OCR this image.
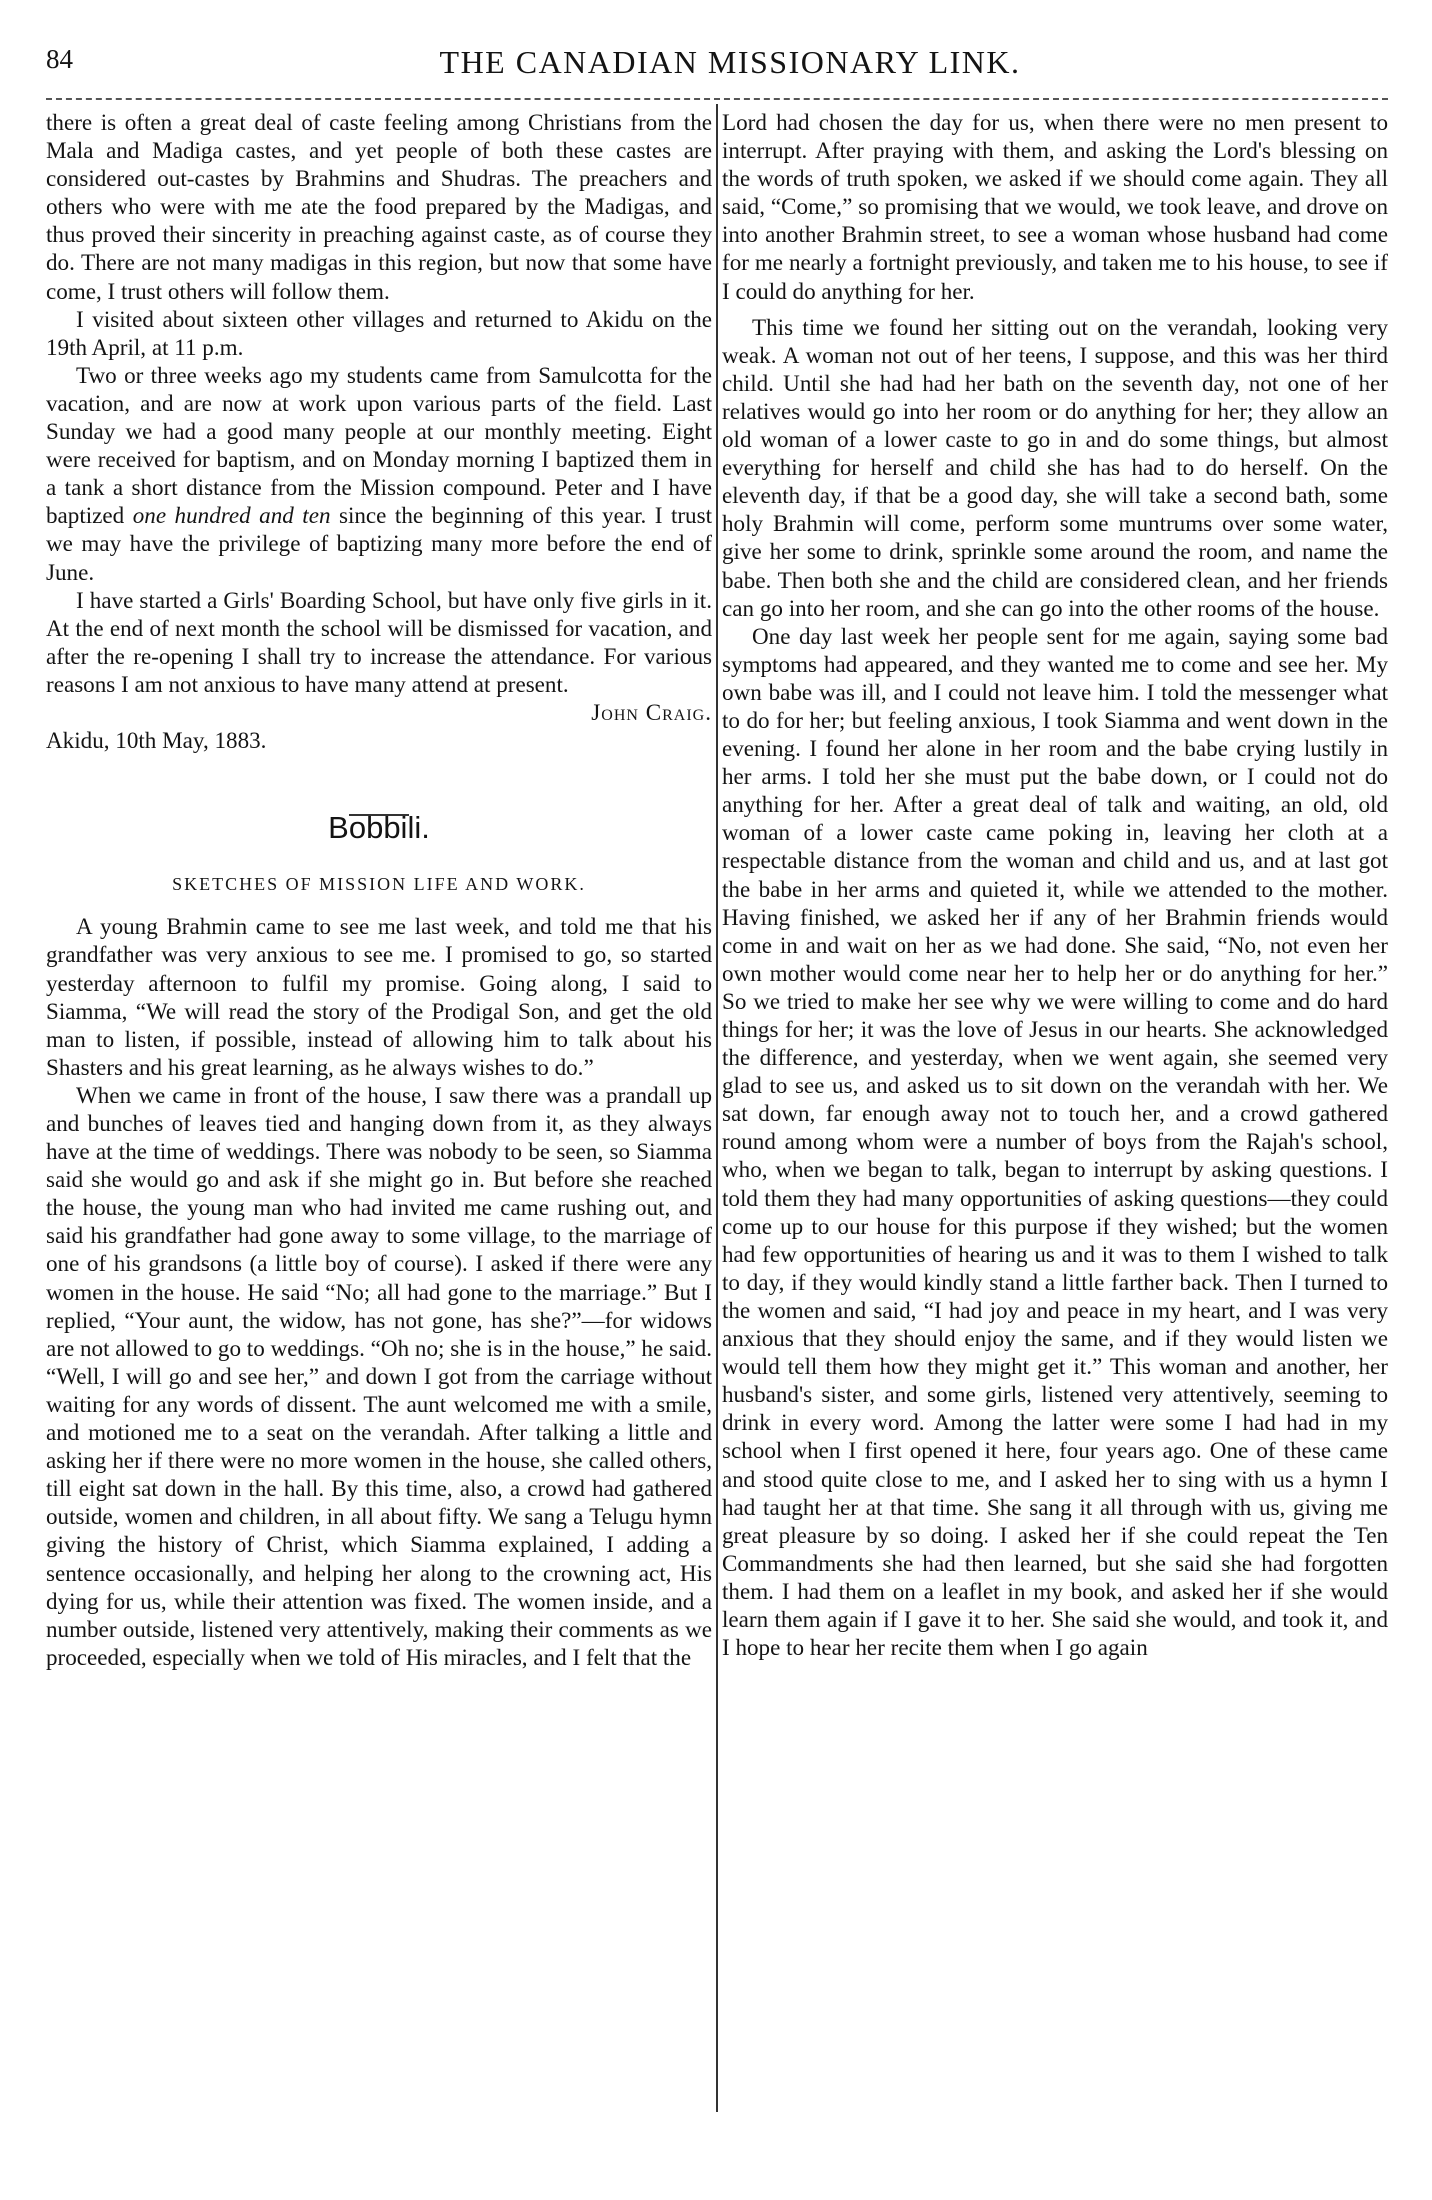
84	THE CANADIAN MISSIONARY LINK.

there is often a great deal of caste feeling among Christians from the Mala and Madiga castes, and yet people of both these castes are considered out-castes by Brahmins and Shudras. The preachers and others who were with me ate the food prepared by the Madigas, and thus proved their sincerity in preaching against caste, as of course they do. There are not many madigas in this region, but now that some have come, I trust others will follow them.

I visited about sixteen other villages and returned to Akidu on the 19th April, at 11 p.m.

Two or three weeks ago my students came from Samulcotta for the vacation, and are now at work upon various parts of the field. Last Sunday we had a good many people at our monthly meeting. Eight were received for baptism, and on Monday morning I baptized them in a tank a short distance from the Mission compound. Peter and I have baptized one hundred and ten since the beginning of this year. I trust we may have the privilege of baptizing many more before the end of June.

I have started a Girls' Boarding School, but have only five girls in it. At the end of next month the school will be dismissed for vacation, and after the re-opening I shall try to increase the attendance. For various reasons I am not anxious to have many attend at present.

John Craig.

Akidu, 10th May, 1883.

Bobbili.
SKETCHES OF MISSION LIFE AND WORK.

A young Brahmin came to see me last week, and told me that his grandfather was very anxious to see me. I promised to go, so started yesterday afternoon to fulfil my promise. Going along, I said to Siamma, “We will read the story of the Prodigal Son, and get the old man to listen, if possible, instead of allowing him to talk about his Shasters and his great learning, as he always wishes to do.”

When we came in front of the house, I saw there was a prandall up and bunches of leaves tied and hanging down from it, as they always have at the time of weddings. There was nobody to be seen, so Siamma said she would go and ask if she might go in. But before she reached the house, the young man who had invited me came rushing out, and said his grandfather had gone away to some village, to the marriage of one of his grandsons (a little boy of course). I asked if there were any women in the house. He said “No; all had gone to the marriage.” But I replied, “Your aunt, the widow, has not gone, has she?”—for widows are not allowed to go to weddings. “Oh no; she is in the house,” he said. “Well, I will go and see her,” and down I got from the carriage without waiting for any words of dissent. The aunt welcomed me with a smile, and motioned me to a seat on the verandah. After talking a little and asking her if there were no more women in the house, she called others, till eight sat down in the hall. By this time, also, a crowd had gathered outside, women and children, in all about fifty. We sang a Telugu hymn giving the history of Christ, which Siamma explained, I adding a sentence occasionally, and helping her along to the crowning act, His dying for us, while their attention was fixed. The women inside, and a number outside, listened very attentively, making their comments as we proceeded, especially when we told of His miracles, and I felt that the

Lord had chosen the day for us, when there were no men present to interrupt. After praying with them, and asking the Lord's blessing on the words of truth spoken, we asked if we should come again. They all said, “Come,” so promising that we would, we took leave, and drove on into another Brahmin street, to see a woman whose husband had come for me nearly a fortnight previously, and taken me to his house, to see if I could do anything for her.

This time we found her sitting out on the verandah, looking very weak. A woman not out of her teens, I suppose, and this was her third child. Until she had had her bath on the seventh day, not one of her relatives would go into her room or do anything for her; they allow an old woman of a lower caste to go in and do some things, but almost everything for herself and child she has had to do herself. On the eleventh day, if that be a good day, she will take a second bath, some holy Brahmin will come, perform some muntrums over some water, give her some to drink, sprinkle some around the room, and name the babe. Then both she and the child are considered clean, and her friends can go into her room, and she can go into the other rooms of the house.

One day last week her people sent for me again, saying some bad symptoms had appeared, and they wanted me to come and see her. My own babe was ill, and I could not leave him. I told the messenger what to do for her; but feeling anxious, I took Siamma and went down in the evening. I found her alone in her room and the babe crying lustily in her arms. I told her she must put the babe down, or I could not do anything for her. After a great deal of talk and waiting, an old, old woman of a lower caste came poking in, leaving her cloth at a respectable distance from the woman and child and us, and at last got the babe in her arms and quieted it, while we attended to the mother. Having finished, we asked her if any of her Brahmin friends would come in and wait on her as we had done. She said, “No, not even her own mother would come near her to help her or do anything for her.” So we tried to make her see why we were willing to come and do hard things for her; it was the love of Jesus in our hearts. She acknowledged the difference, and yesterday, when we went again, she seemed very glad to see us, and asked us to sit down on the verandah with her. We sat down, far enough away not to touch her, and a crowd gathered round among whom were a number of boys from the Rajah's school, who, when we began to talk, began to interrupt by asking questions. I told them they had many opportunities of asking questions—they could come up to our house for this purpose if they wished; but the women had few opportunities of hearing us and it was to them I wished to talk to day, if they would kindly stand a little farther back. Then I turned to the women and said, “I had joy and peace in my heart, and I was very anxious that they should enjoy the same, and if they would listen we would tell them how they might get it.” This woman and another, her husband's sister, and some girls, listened very attentively, seeming to drink in every word. Among the latter were some I had had in my school when I first opened it here, four years ago. One of these came and stood quite close to me, and I asked her to sing with us a hymn I had taught her at that time. She sang it all through with us, giving me great pleasure by so doing. I asked her if she could repeat the Ten Commandments she had then learned, but she said she had forgotten them. I had them on a leaflet in my book, and asked her if she would learn them again if I gave it to her. She said she would, and took it, and I hope to hear her recite them when I go again
